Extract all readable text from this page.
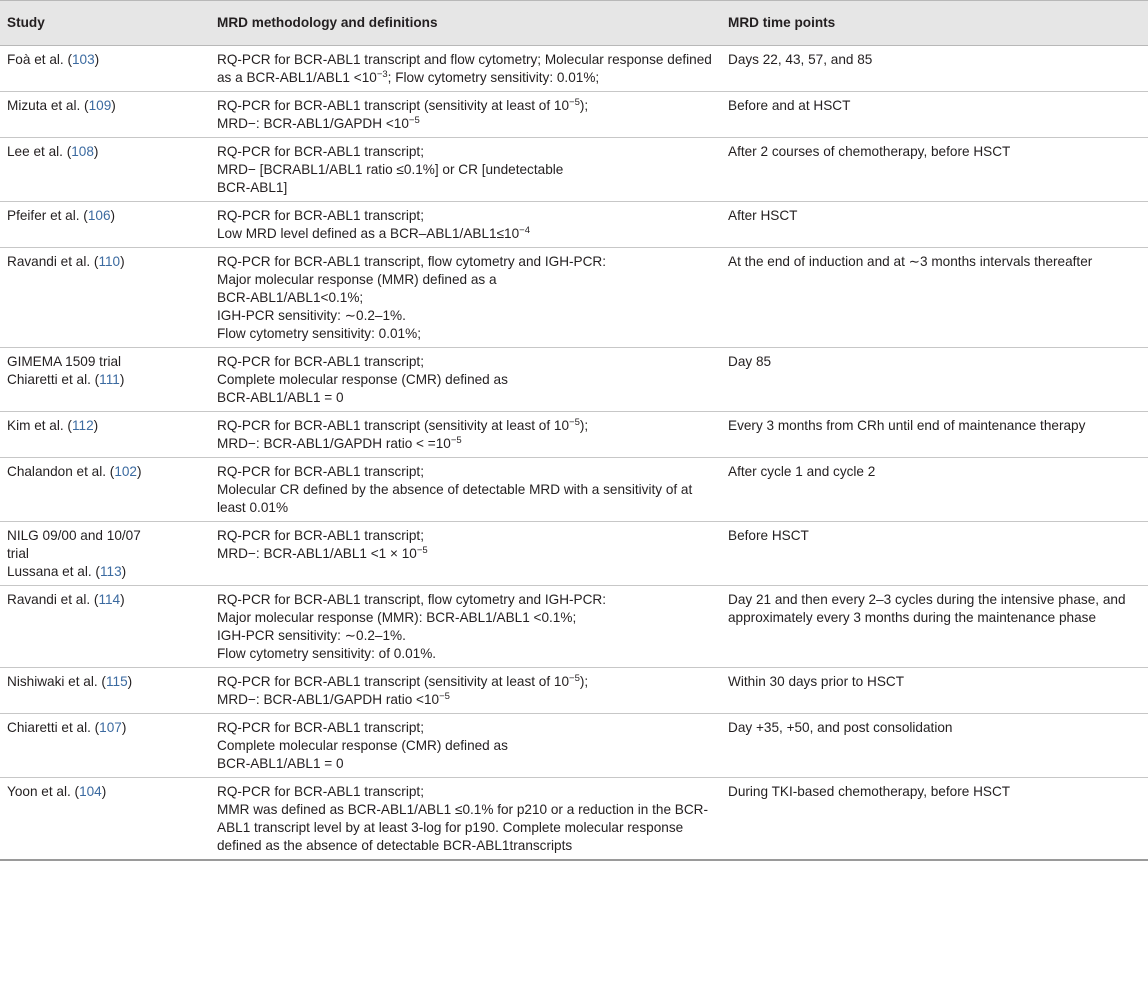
Study	MRD methodology and definitions	MRD time points
Foà et al. (103)	RQ-PCR for BCR-ABL1 transcript and flow cytometry; Molecular response defined as a $BCR-ABL1/ABL1 <10^{-3}$; Flow cytometry sensitivity: 0.01%;	Days 22, 43, 57, and 85
Mizuta et al. (109)	RQ-PCR for BCR-ABL1 transcript (sensitivity at least of $10^{-5}$);
MRD−: BCR-ABL1/GAPDH $<10^{-5}$	Before and at HSCT
Lee et al. (108)	RQ-PCR for BCR-ABL1 transcript;
MRD− [BCRABL1/ABL1 ratio ≤0.1%] or CR [undetectable
BCR-ABL1]	After 2 courses of chemotherapy, before HSCT
Pfeifer et al. (106)	RQ-PCR for BCR-ABL1 transcript;
Low MRD level defined as a BCR–$ABL1/ABL1\le 10^{-4}$	After HSCT
Ravandi et al. (110)	RQ-PCR for BCR-ABL1 transcript, flow cytometry and IGH-PCR:
Major molecular response (MMR) defined as a
BCR-ABL1/ABL1<0.1%;
IGH-PCR sensitivity: ∼0.2–1%.
Flow cytometry sensitivity: 0.01%;	At the end of induction and at ∼3 months intervals thereafter
GIMEMA 1509 trial
Chiaretti et al. (111)	RQ-PCR for BCR-ABL1 transcript;
Complete molecular response (CMR) defined as
BCR-ABL1/ABL1 = 0	Day 85
Kim et al. (112)	RQ-PCR for BCR-ABL1 transcript (sensitivity at least of $10^{-5}$);
MRD−: BCR-ABL1/GAPDH ratio < $=10^{-5}$	Every 3 months from CRh until end of maintenance therapy
Chalandon et al. (102)	RQ-PCR for BCR-ABL1 transcript;
Molecular CR defined by the absence of detectable MRD with a sensitivity of at least 0.01%	After cycle 1 and cycle 2
NILG 09/00 and 10/07
trial
Lussana et al. (113)	RQ-PCR for BCR-ABL1 transcript;
MRD−: $BCR-ABL1/ABL1 <1 \times 10^{-5}$	Before HSCT
Ravandi et al. (114)	RQ-PCR for BCR-ABL1 transcript, flow cytometry and IGH-PCR:
Major molecular response (MMR): BCR-ABL1/ABL1 <0.1%;
IGH-PCR sensitivity: ∼0.2–1%.
Flow cytometry sensitivity: of 0.01%.	Day 21 and then every 2–3 cycles during the intensive phase, and approximately every 3 months during the maintenance phase
Nishiwaki et al. (115)	RQ-PCR for BCR-ABL1 transcript (sensitivity at least of $10^{-5}$);
MRD−: BCR-ABL1/GAPDH ratio $<10^{-5}$	Within 30 days prior to HSCT
Chiaretti et al. (107)	RQ-PCR for BCR-ABL1 transcript;
Complete molecular response (CMR) defined as
BCR-ABL1/ABL1 = 0	Day +35, +50, and post consolidation
Yoon et al. (104)	RQ-PCR for BCR-ABL1 transcript;
MMR was defined as BCR-ABL1/ABL1 ≤0.1% for p210 or a reduction in the BCR-ABL1 transcript level by at least 3-log for p190. Complete molecular response defined as the absence of detectable BCR-ABL1transcripts	During TKI-based chemotherapy, before HSCT
